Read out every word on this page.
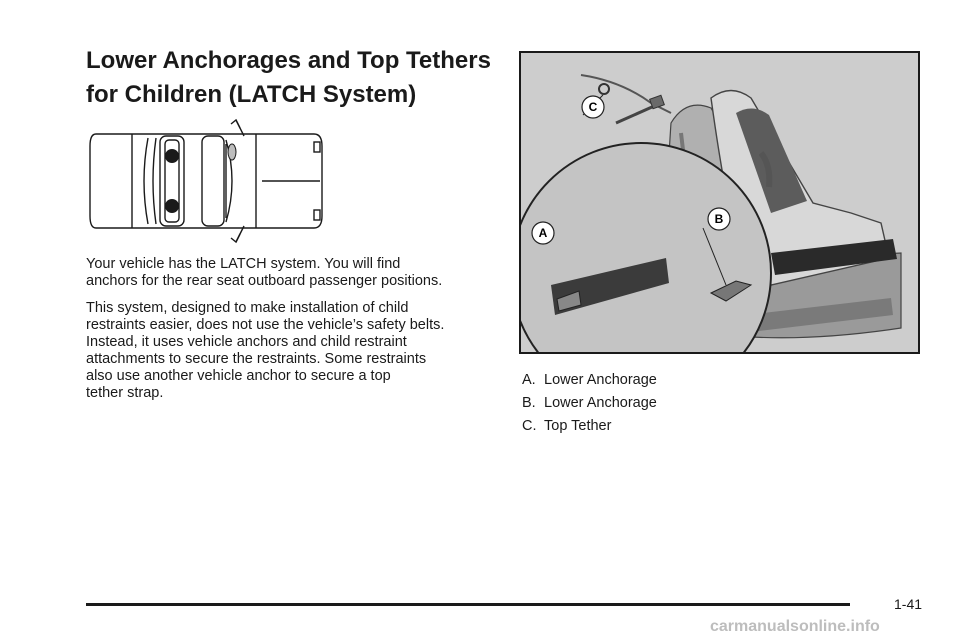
Lower Anchorages and Top Tethers
for Children (LATCH System)

Your vehicle has the LATCH system. You will find
anchors for the rear seat outboard passenger positions.

This system, designed to make installation of child
restraints easier, does not use the vehicle’s safety belts.
Instead, it uses vehicle anchors and child restraint
attachments to secure the restraints. Some restraints
also use another vehicle anchor to secure a top
tether strap.

A
B
C
A. Lower Anchorage
B. Lower Anchorage
C. Top Tether
1-41
carmanualsonline.info
